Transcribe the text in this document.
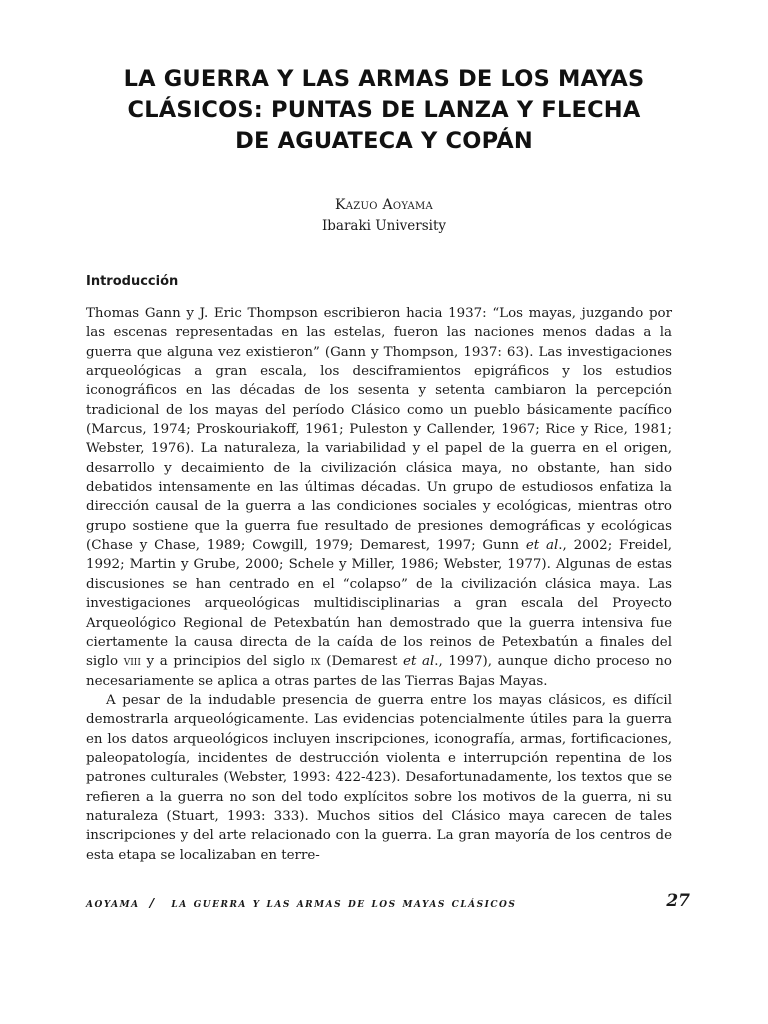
LA GUERRA Y LAS ARMAS DE LOS MAYAS
CLÁSICOS: PUNTAS DE LANZA Y FLECHA
DE AGUATECA Y COPÁN

Kazuo Aoyama

Ibaraki University

Introducción

Thomas Gann y J. Eric Thompson escribieron hacia 1937: “Los mayas, juzgando por las escenas representadas en las estelas, fueron las naciones menos dadas a la guerra que alguna vez existieron” (Gann y Thompson, 1937: 63). Las investigaciones arqueológicas a gran escala, los desciframientos epigráficos y los estudios iconográficos en las décadas de los sesenta y setenta cambiaron la percepción tradicional de los mayas del período Clásico como un pueblo básicamente pacífico (Marcus, 1974; Proskouriakoff, 1961; Puleston y Callender, 1967; Rice y Rice, 1981; Webster, 1976). La naturaleza, la variabilidad y el papel de la guerra en el origen, desarrollo y decaimiento de la civilización clásica maya, no obstante, han sido debatidos intensamente en las últimas décadas. Un grupo de estudiosos enfatiza la dirección causal de la guerra a las condiciones sociales y ecológicas, mientras otro grupo sostiene que la guerra fue resultado de presiones demográficas y ecológicas (Chase y Chase, 1989; Cowgill, 1979; Demarest, 1997; Gunn et al., 2002; Freidel, 1992; Martin y Grube, 2000; Schele y Miller, 1986; Webster, 1977). Algunas de estas discusiones se han centrado en el “colapso” de la civilización clásica maya. Las investigaciones arqueológicas multidisciplinarias a gran escala del Proyecto Arqueológico Regional de Petexbatún han demostrado que la guerra intensiva fue ciertamente la causa directa de la caída de los reinos de Petexbatún a finales del siglo viii y a principios del siglo ix (Demarest et al., 1997), aunque dicho proceso no necesariamente se aplica a otras partes de las Tierras Bajas Mayas.

A pesar de la indudable presencia de guerra entre los mayas clásicos, es difícil demostrarla arqueológicamente. Las evidencias potencialmente útiles para la guerra en los datos arqueológicos incluyen inscripciones, iconografía, armas, fortificaciones, paleopatología, incidentes de destrucción violenta e interrupción repentina de los patrones culturales (Webster, 1993: 422-423). Desafortunadamente, los textos que se refieren a la guerra no son del todo explícitos sobre los motivos de la guerra, ni su naturaleza (Stuart, 1993: 333). Muchos sitios del Clásico maya carecen de tales inscripciones y del arte relacionado con la guerra. La gran mayoría de los centros de esta etapa se localizaban en terre-

aoyama / la guerra y las armas de los mayas clásicos	27
